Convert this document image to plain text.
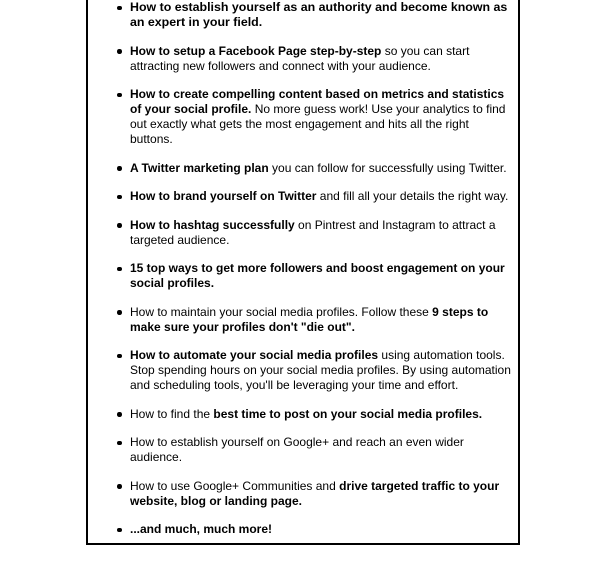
How to establish yourself as an authority and become known as an expert in your field.
How to setup a Facebook Page step-by-step so you can start attracting new followers and connect with your audience.
How to create compelling content based on metrics and statistics of your social profile. No more guess work! Use your analytics to find out exactly what gets the most engagement and hits all the right buttons.
A Twitter marketing plan you can follow for successfully using Twitter.
How to brand yourself on Twitter and fill all your details the right way.
How to hashtag successfully on Pintrest and Instagram to attract a targeted audience.
15 top ways to get more followers and boost engagement on your social profiles.
How to maintain your social media profiles. Follow these 9 steps to make sure your profiles don't "die out".
How to automate your social media profiles using automation tools. Stop spending hours on your social media profiles. By using automation and scheduling tools, you'll be leveraging your time and effort.
How to find the best time to post on your social media profiles.
How to establish yourself on Google+ and reach an even wider audience.
How to use Google+ Communities and drive targeted traffic to your website, blog or landing page.
...and much, much more!
